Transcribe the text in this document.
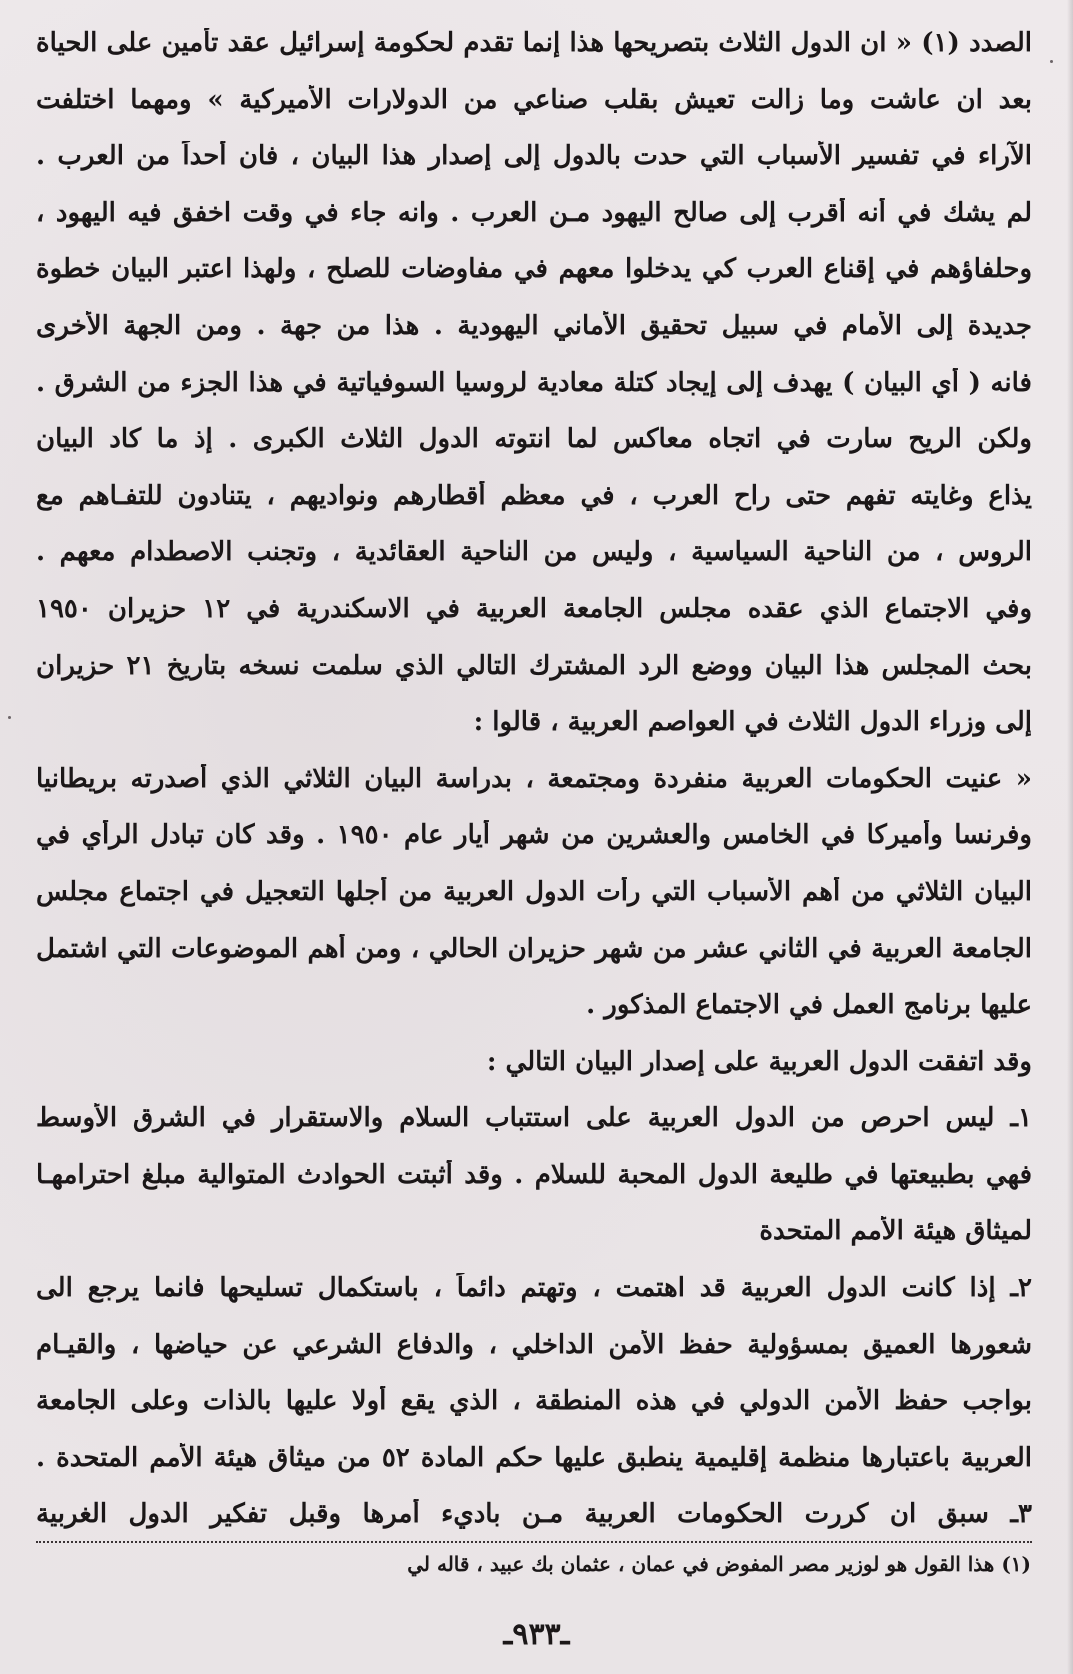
الصدد (١) « ان الدول الثلاث بتصريحها هذا إنما تقدم لحكومة إسرائيل عقد تأمين على الحياة
بعد ان عاشت وما زالت تعيش بقلب صناعي من الدولارات الأميركية » ومهما اختلفت
الآراء في تفسير الأسباب التي حدت بالدول إلى إصدار هذا البيان ، فان أحداً من العرب .
لم يشك في أنه أقرب إلى صالح اليهود مـن العرب . وانه جاء في وقت اخفق فيه اليهود ،
وحلفاؤهم في إقناع العرب كي يدخلوا معهم في مفاوضات للصلح ، ولهذا اعتبر البيان خطوة
جديدة إلى الأمام في سبيل تحقيق الأماني اليهودية . هذا من جهة . ومن الجهة الأخرى
فانه ( أي البيان ) يهدف إلى إيجاد كتلة معادية لروسيا السوفياتية في هذا الجزء من الشرق .
ولكن الريح سارت في اتجاه معاكس لما انتوته الدول الثلاث الكبرى . إذ ما كاد البيان
يذاع وغايته تفهم حتى راح العرب ، في معظم أقطارهم ونواديهم ، يتنادون للتفـاهم مع
الروس ، من الناحية السياسية ، وليس من الناحية العقائدية ، وتجنب الاصطدام معهم .
وفي الاجتماع الذي عقده مجلس الجامعة العربية في الاسكندرية في ١٢ حزيران ١٩٥٠
بحث المجلس هذا البيان ووضع الرد المشترك التالي الذي سلمت نسخه بتاريخ ٢١ حزيران
إلى وزراء الدول الثلاث في العواصم العربية ، قالوا :
« عنيت الحكومات العربية منفردة ومجتمعة ، بدراسة البيان الثلاثي الذي أصدرته بريطانيا
وفرنسا وأميركا في الخامس والعشرين من شهر أيار عام ١٩٥٠ . وقد كان تبادل الرأي في
البيان الثلاثي من أهم الأسباب التي رأت الدول العربية من أجلها التعجيل في اجتماع مجلس
الجامعة العربية في الثاني عشر من شهر حزيران الحالي ، ومن أهم الموضوعات التي اشتمل
عليها برنامج العمل في الاجتماع المذكور .
وقد اتفقت الدول العربية على إصدار البيان التالي :
١ـ ليس احرص من الدول العربية على استتباب السلام والاستقرار في الشرق الأوسط
فهي بطبيعتها في طليعة الدول المحبة للسلام . وقد أثبتت الحوادث المتوالية مبلغ احترامهـا
لميثاق هيئة الأمم المتحدة
٢ـ إذا كانت الدول العربية قد اهتمت ، وتهتم دائماً ، باستكمال تسليحها فانما يرجع الى
شعورها العميق بمسؤولية حفظ الأمن الداخلي ، والدفاع الشرعي عن حياضها ، والقيـام
بواجب حفظ الأمن الدولي في هذه المنطقة ، الذي يقع أولا عليها بالذات وعلى الجامعة
العربية باعتبارها منظمة إقليمية ينطبق عليها حكم المادة ٥٢ من ميثاق هيئة الأمم المتحدة .
٣ـ سبق ان كررت الحكومات العربية مـن باديء أمرها وقبل تفكير الدول الغربية
(١) هذا القول هو لوزير مصر المفوض في عمان ، عثمان بك عبيد ، قاله لي
ـ٩٣٣ـ
